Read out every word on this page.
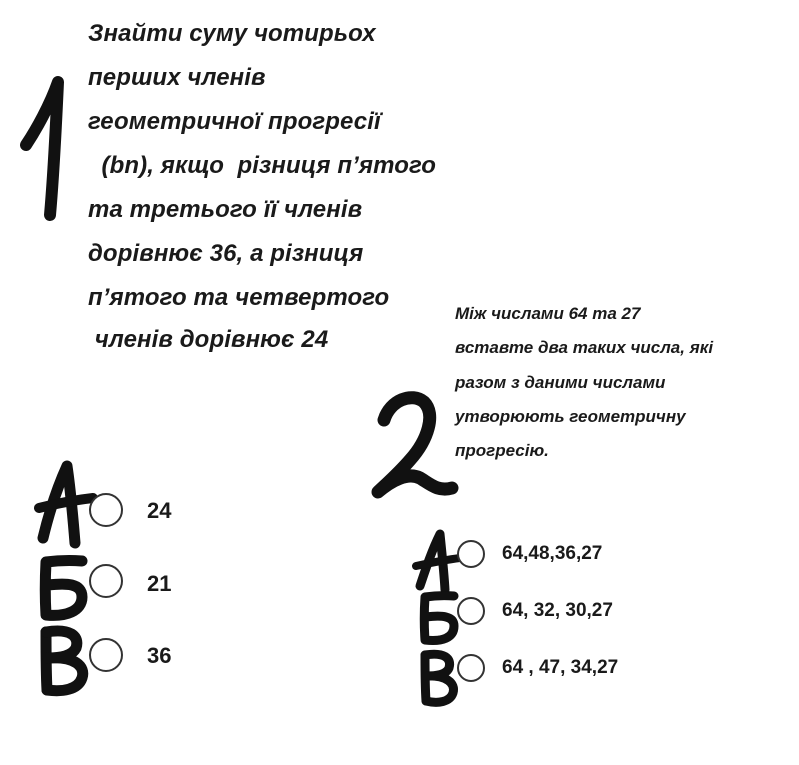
Знайти суму чотирьох
перших членів
геометричної прогресії
(bn), якщо  різниця п’ятого
та третього її членів
дорівнює 36, а різниця
п’ятого та четвертого
членів дорівнює 24
24
21
36
Між числами 64 та 27
вставте два таких числа, які
разом з даними числами
утворюють геометричну
прогресію.
64,48,36,27
64, 32, 30,27
64 , 47, 34,27
